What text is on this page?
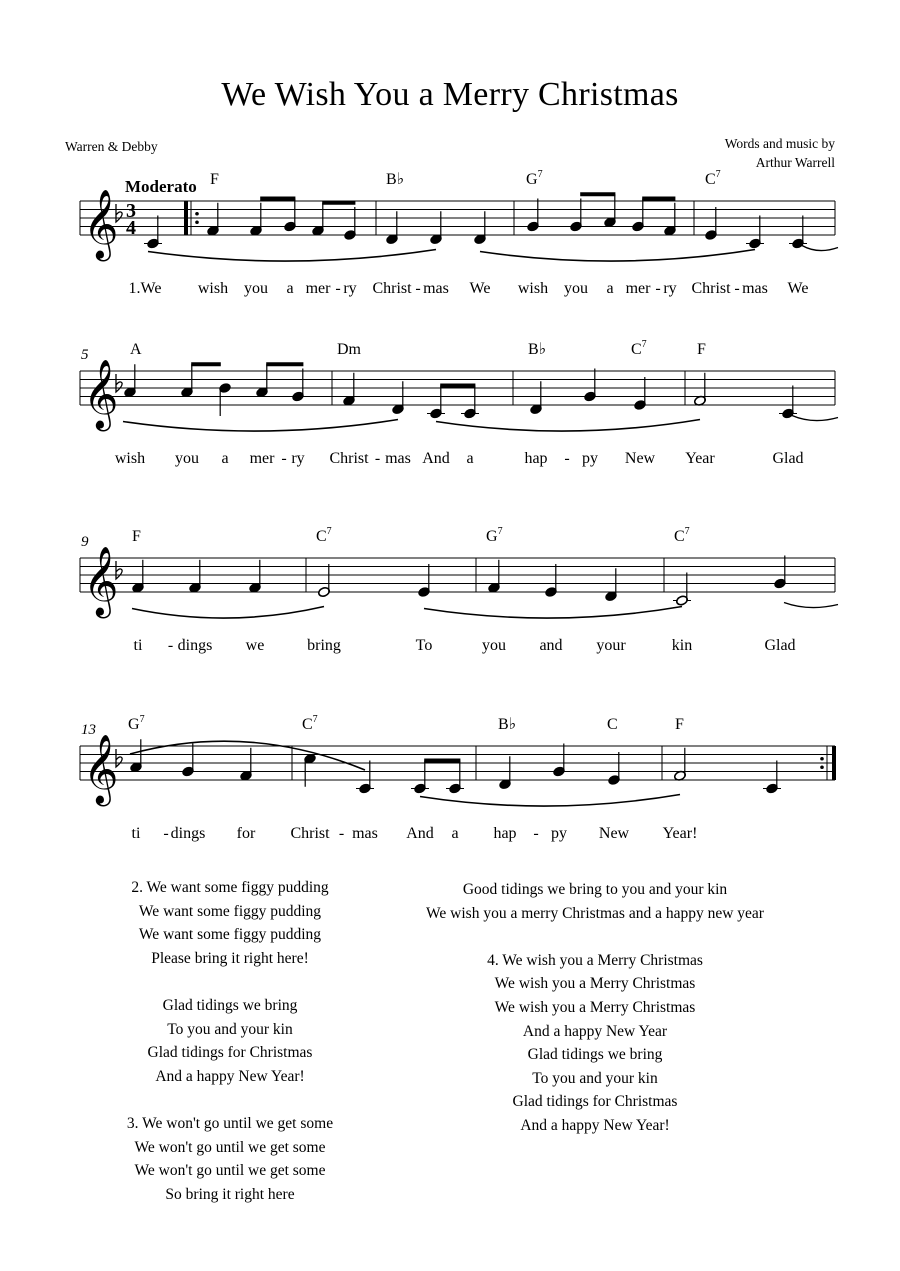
We Wish You a Merry Christmas
Warren & Debby	Words and music by
Arthur Warrell
3
4
Moderato F	B♭	$G^7$	$C^7$
1.We wish you a mer - ry Christ - mas We wish you a mer - ry Christ - mas We
𝄞
5	A	Dm	B♭	$C^7$	F
wish you a mer - ry Christ - mas And a	hap - py New Year	Glad
𝄞
9	F	$C^7$	$G^7$	$C^7$
ti - dings we	bring	To	you and your	kin	Glad
𝄞
13 $G^7$	$C^7$	B♭	C	F
ti - dings for Christ - mas And a hap - py New Year!
𝄞
2. We want some figgy pudding
We want some figgy pudding
We want some figgy pudding
Please bring it right here!
Glad tidings we bring
To you and your kin
Glad tidings for Christmas
And a happy New Year!
3. We won't go until we get some
We won't go until we get some
We won't go until we get some
So bring it right here
Good tidings we bring to you and your kin
We wish you a merry Christmas and a happy new year
4. We wish you a Merry Christmas
We wish you a Merry Christmas
We wish you a Merry Christmas
And a happy New Year
Glad tidings we bring
To you and your kin
Glad tidings for Christmas
And a happy New Year!
